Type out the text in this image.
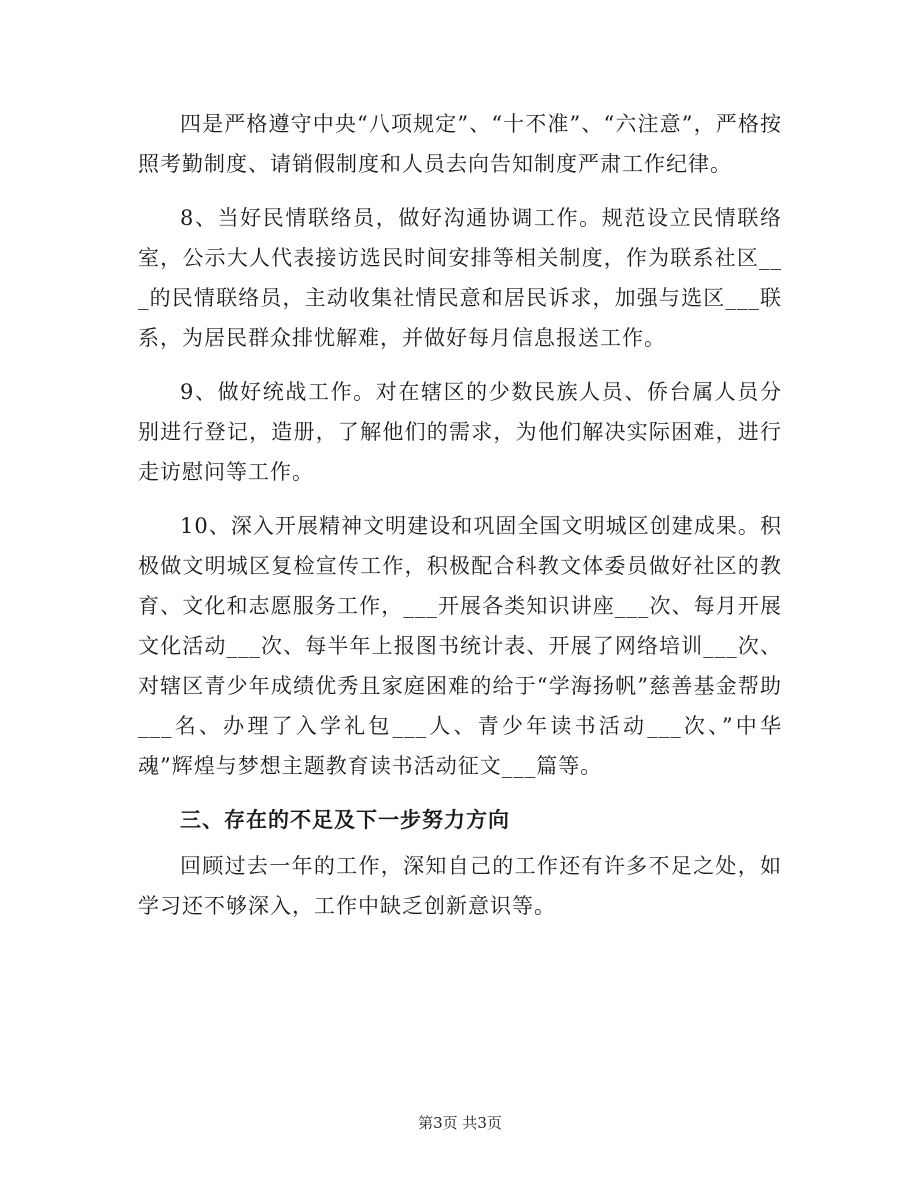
四是严格遵守中央“八项规定”、“十不准”、“六注意”，严格按照考勤制度、请销假制度和人员去向告知制度严肃工作纪律。

8、当好民情联络员，做好沟通协调工作。规范设立民情联络室，公示大人代表接访选民时间安排等相关制度，作为联系社区___的民情联络员，主动收集社情民意和居民诉求，加强与选区___联系，为居民群众排忧解难，并做好每月信息报送工作。

9、做好统战工作。对在辖区的少数民族人员、侨台属人员分别进行登记，造册，了解他们的需求，为他们解决实际困难，进行走访慰问等工作。

10、深入开展精神文明建设和巩固全国文明城区创建成果。积极做文明城区复检宣传工作，积极配合科教文体委员做好社区的教育、文化和志愿服务工作，___开展各类知识讲座___次、每月开展文化活动___次、每半年上报图书统计表、开展了网络培训___次、对辖区青少年成绩优秀且家庭困难的给于“学海扬帆”慈善基金帮助___名、办理了入学礼包___人、青少年读书活动___次、”中华魂”辉煌与梦想主题教育读书活动征文___篇等。

三、存在的不足及下一步努力方向

回顾过去一年的工作，深知自己的工作还有许多不足之处，如学习还不够深入，工作中缺乏创新意识等。

第3页 共3页
